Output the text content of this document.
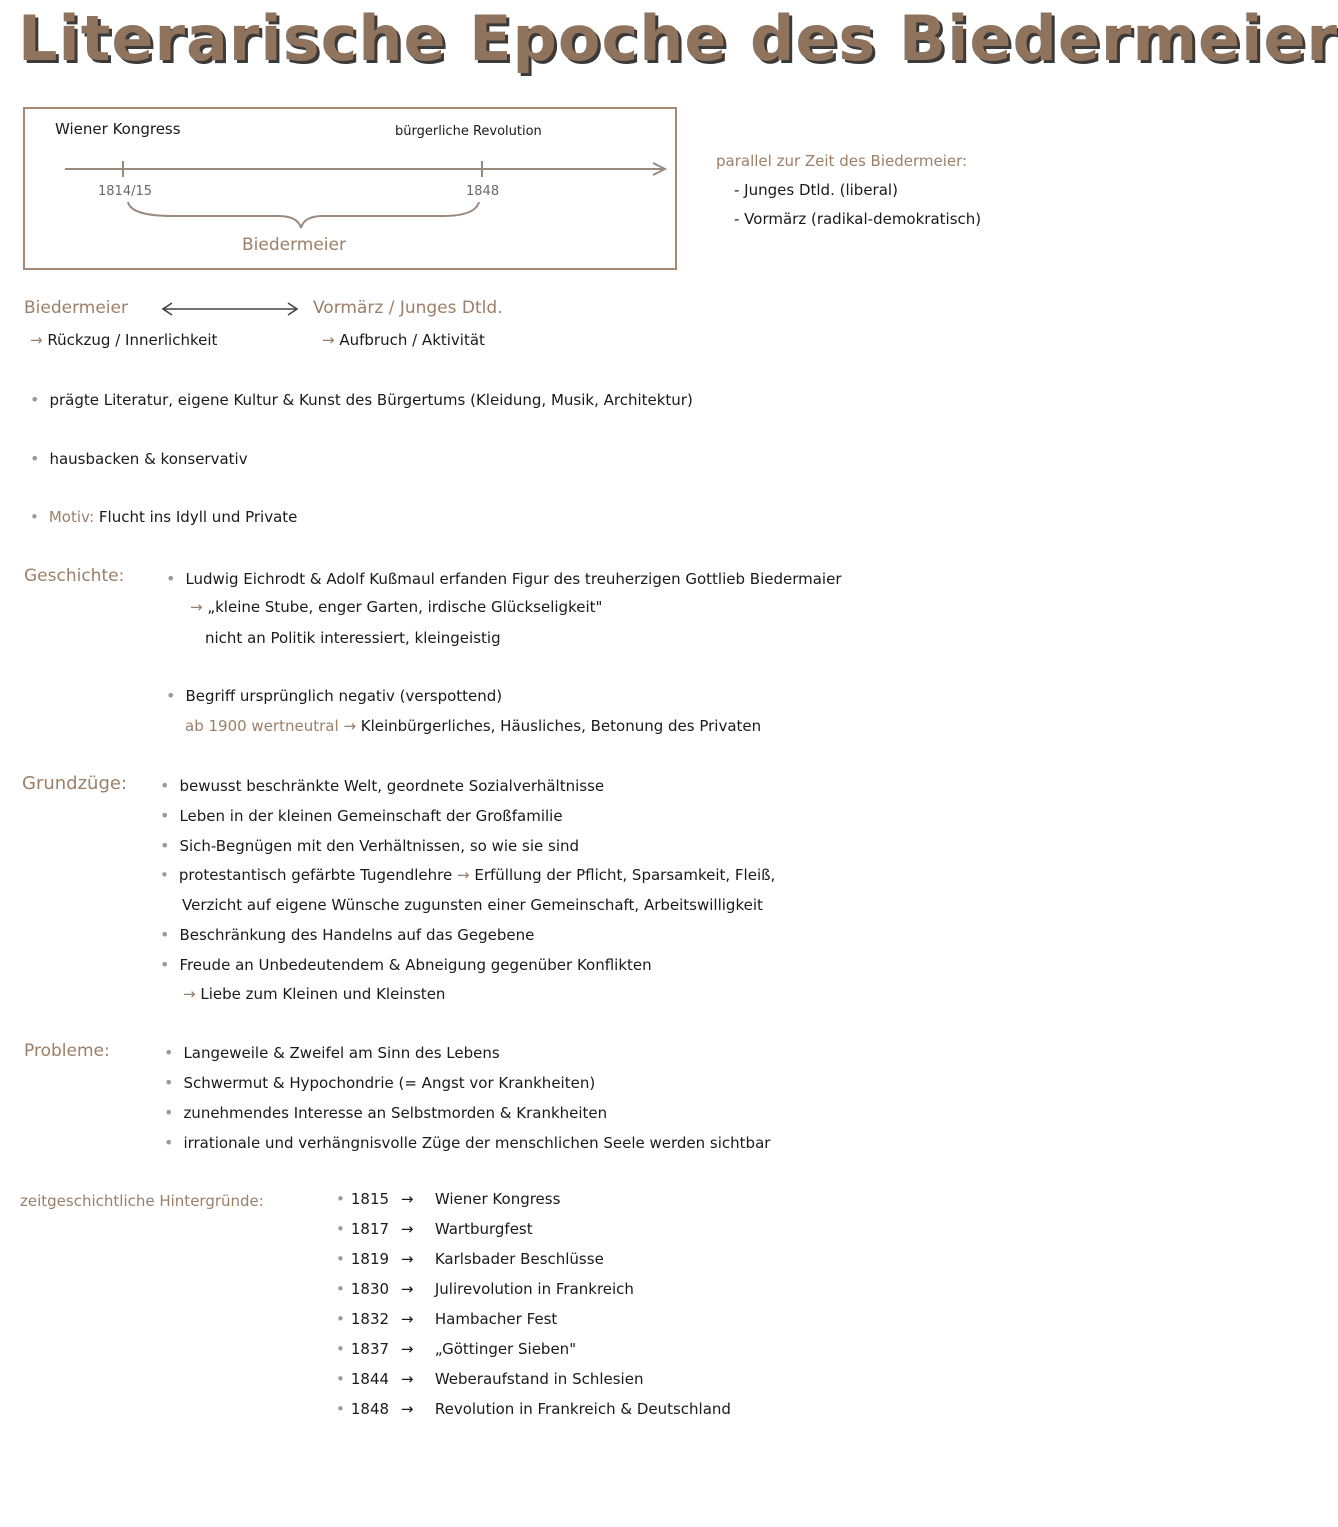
Literarische Epoche des Biedermeier
Wiener Kongress	bürgerliche Revolution
1814/15	1848
Biedermeier
parallel zur Zeit des Biedermeier:
- Junges Dtld. (liberal)
- Vormärz (radikal-demokratisch)
Biedermeier	Vormärz / Junges Dtld.
→ Rückzug / Innerlichkeit	→ Aufbruch / Aktivität
• prägte Literatur, eigene Kultur & Kunst des Bürgertums (Kleidung, Musik, Architektur)
• hausbacken & konservativ
• Motiv: Flucht ins Idyll und Private
Geschichte:	• Ludwig Eichrodt & Adolf Kußmaul erfanden Figur des treuherzigen Gottlieb Biedermaier
→ „kleine Stube, enger Garten, irdische Glückseligkeit"
nicht an Politik interessiert, kleingeistig
• Begriff ursprünglich negativ (verspottend)
ab 1900 wertneutral → Kleinbürgerliches, Häusliches, Betonung des Privaten
Grundzüge:	• bewusst beschränkte Welt, geordnete Sozialverhältnisse
• Leben in der kleinen Gemeinschaft der Großfamilie
• Sich-Begnügen mit den Verhältnissen, so wie sie sind
• protestantisch gefärbte Tugendlehre → Erfüllung der Pflicht, Sparsamkeit, Fleiß,
Verzicht auf eigene Wünsche zugunsten einer Gemeinschaft, Arbeitswilligkeit
• Beschränkung des Handelns auf das Gegebene
• Freude an Unbedeutendem & Abneigung gegenüber Konflikten
→ Liebe zum Kleinen und Kleinsten
Probleme:	• Langeweile & Zweifel am Sinn des Lebens
• Schwermut & Hypochondrie (= Angst vor Krankheiten)
• zunehmendes Interesse an Selbstmorden & Krankheiten
• irrationale und verhängnisvolle Züge der menschlichen Seele werden sichtbar
zeitgeschichtliche Hintergründe:	• 1815 → Wiener Kongress
• 1817 → Wartburgfest
• 1819 → Karlsbader Beschlüsse
• 1830 → Julirevolution in Frankreich
• 1832 → Hambacher Fest
• 1837 → „Göttinger Sieben"
• 1844 → Weberaufstand in Schlesien
• 1848 → Revolution in Frankreich & Deutschland
